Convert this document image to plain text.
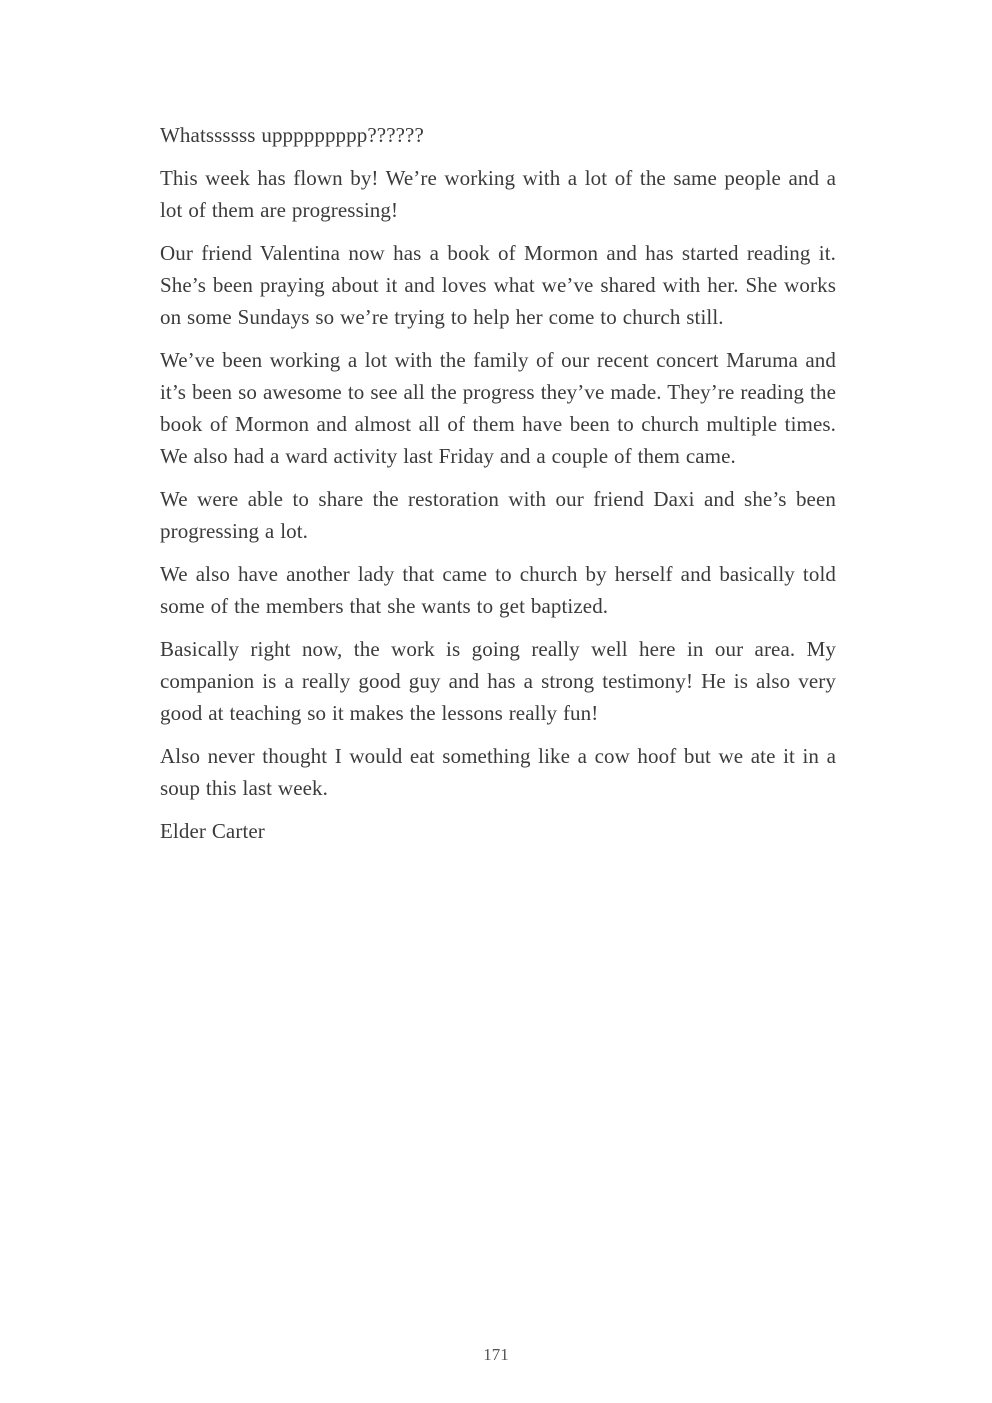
Whatssssss uppppppppp??????

This week has flown by! We’re working with a lot of the same people and a lot of them are progressing!

Our friend Valentina now has a book of Mormon and has started reading it. She’s been praying about it and loves what we’ve shared with her. She works on some Sundays so we’re trying to help her come to church still.

We’ve been working a lot with the family of our recent concert Maruma and it’s been so awesome to see all the progress they’ve made. They’re reading the book of Mormon and almost all of them have been to church multiple times. We also had a ward activity last Friday and a couple of them came.

We were able to share the restoration with our friend Daxi and she’s been progressing a lot.

We also have another lady that came to church by herself and basically told some of the members that she wants to get baptized.

Basically right now, the work is going really well here in our area. My companion is a really good guy and has a strong testimony! He is also very good at teaching so it makes the lessons really fun!

Also never thought I would eat something like a cow hoof but we ate it in a soup this last week.

Elder Carter

171
